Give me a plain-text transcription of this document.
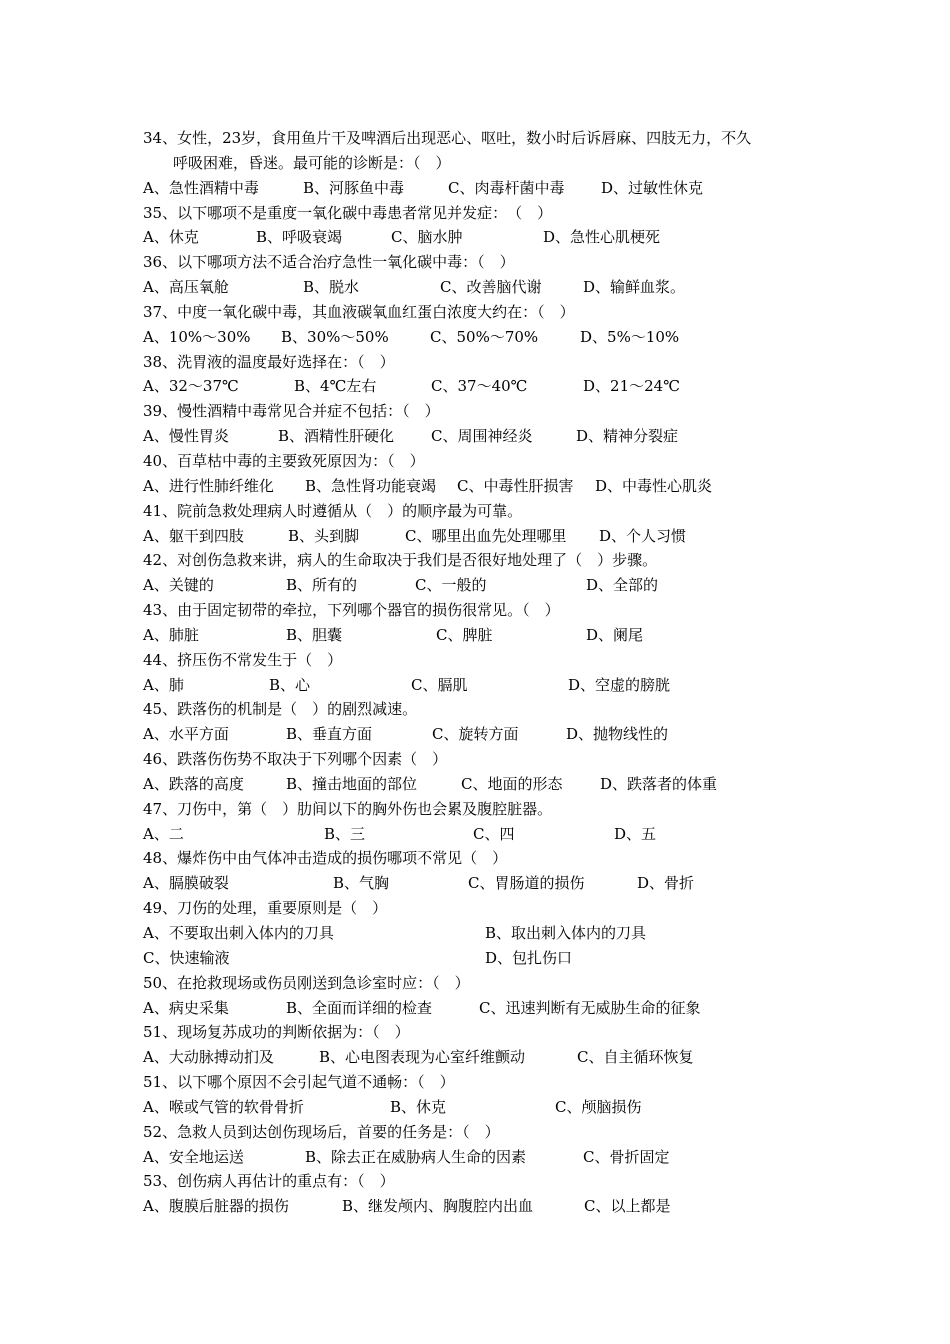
34、女性，23岁，食用鱼片干及啤酒后出现恶心、呕吐，数小时后诉唇麻、四肢无力，不久
呼吸困难，昏迷。最可能的诊断是：（　）
A、急性酒精中毒	B、河豚鱼中毒	C、肉毒杆菌中毒 D、过敏性休克
35、以下哪项不是重度一氧化碳中毒患者常见并发症：　（　）
A、休克	B、呼吸衰竭	C、脑水肿	D、急性心肌梗死
36、以下哪项方法不适合治疗急性一氧化碳中毒：（　）
A、高压氧舱	B、脱水	C、改善脑代谢	D、输鲜血浆。
37、中度一氧化碳中毒，其血液碳氧血红蛋白浓度大约在：（　）
A、10%～30% B、30%～50%	C、50%～70%	D、5%～10%
38、洗胃液的温度最好选择在：（　）
A、32～37℃	B、4℃左右	C、37～40℃	D、21～24℃
39、慢性酒精中毒常见合并症不包括：（　）
A、慢性胃炎	B、酒精性肝硬化 C、周围神经炎	D、精神分裂症
40、百草枯中毒的主要致死原因为：（　）
A、进行性肺纤维化 B、急性肾功能衰竭 C、中毒性肝损害 D、中毒性心肌炎
41、院前急救处理病人时遵循从（　）的顺序最为可靠。
A、躯干到四肢	B、头到脚	C、哪里出血先处理哪里 D、个人习惯
42、对创伤急救来讲，病人的生命取决于我们是否很好地处理了（　）步骤。
A、关键的	B、所有的	C、一般的	D、全部的
43、由于固定韧带的牵拉，下列哪个器官的损伤很常见。（　）
A、肺脏	B、胆囊	C、脾脏	D、阑尾
44、挤压伤不常发生于（　）
A、肺	B、心	C、膈肌	D、空虚的膀胱
45、跌落伤的机制是（　）的剧烈减速。
A、水平方面	B、垂直方面	C、旋转方面	D、抛物线性的
46、跌落伤伤势不取决于下列哪个因素（　）
A、跌落的高度	B、撞击地面的部位	C、地面的形态	D、跌落者的体重
47、刀伤中，第（　）肋间以下的胸外伤也会累及腹腔脏器。
A、二	B、三	C、四	D、五
48、爆炸伤中由气体冲击造成的损伤哪项不常见（　）
A、膈膜破裂	B、气胸	C、胃肠道的损伤	D、骨折
49、刀伤的处理，重要原则是（　）
A、不要取出刺入体内的刀具	B、取出刺入体内的刀具
C、快速输液	D、包扎伤口
50、在抢救现场或伤员刚送到急诊室时应：（　）
A、病史采集	B、全面而详细的检查	C、迅速判断有无威胁生命的征象
51、现场复苏成功的判断依据为：（　）
A、大动脉搏动扪及	B、心电图表现为心室纤维颤动	C、自主循环恢复
51、以下哪个原因不会引起气道不通畅：（　）
A、喉或气管的软骨骨折	B、休克	C、颅脑损伤
52、急救人员到达创伤现场后，首要的任务是：（　）
A、安全地运送	B、除去正在威胁病人生命的因素	C、骨折固定
53、创伤病人再估计的重点有：（　）
A、腹膜后脏器的损伤	B、继发颅内、胸腹腔内出血	C、以上都是
